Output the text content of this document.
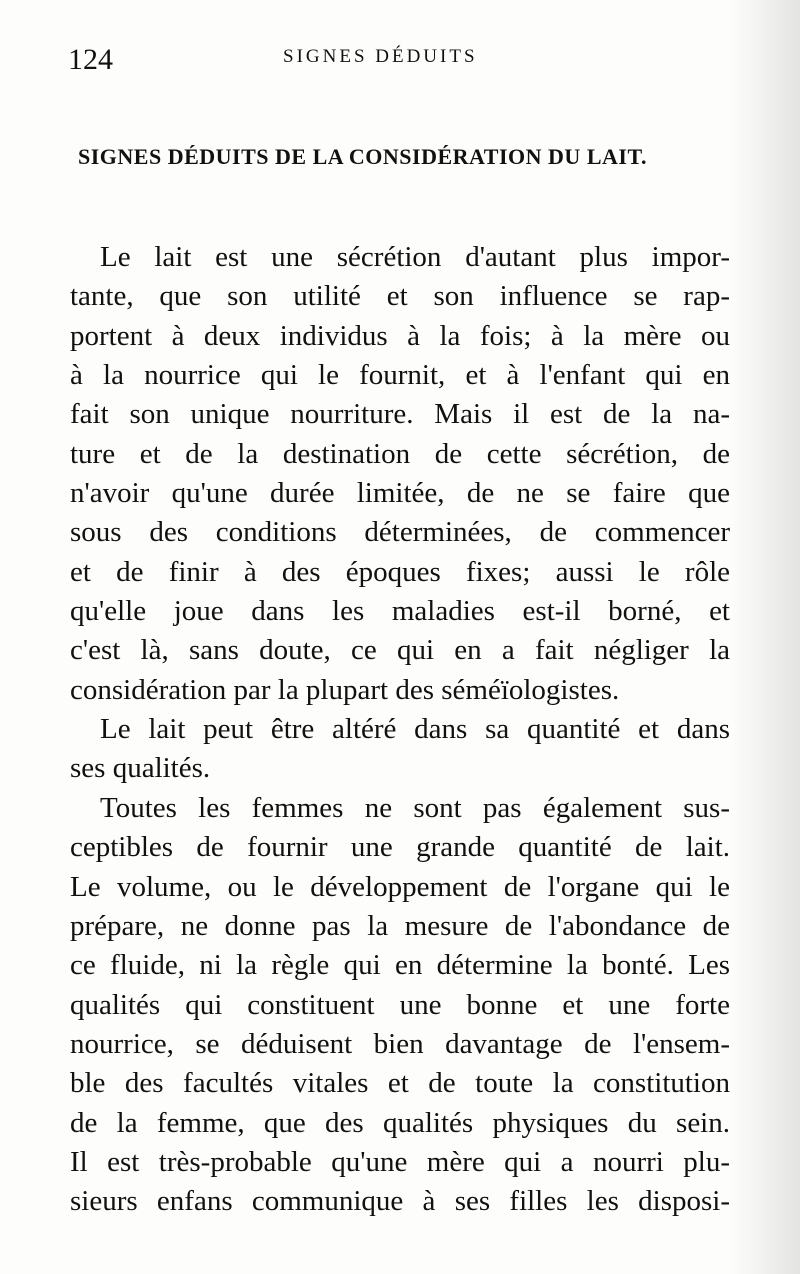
124	SIGNES DÉDUITS
SIGNES DÉDUITS DE LA CONSIDÉRATION DU LAIT.

Le lait est une sécrétion d'autant plus impor-
tante, que son utilité et son influence se rap-
portent à deux individus à la fois; à la mère ou
à la nourrice qui le fournit, et à l'enfant qui en
fait son unique nourriture. Mais il est de la na-
ture et de la destination de cette sécrétion, de
n'avoir qu'une durée limitée, de ne se faire que
sous des conditions déterminées, de commencer
et de finir à des époques fixes; aussi le rôle
qu'elle joue dans les maladies est-il borné, et
c'est là, sans doute, ce qui en a fait négliger la
considération par la plupart des séméïologistes.

Le lait peut être altéré dans sa quantité et dans
ses qualités.

Toutes les femmes ne sont pas également sus-
ceptibles de fournir une grande quantité de lait.
Le volume, ou le développement de l'organe qui le
prépare, ne donne pas la mesure de l'abondance de
ce fluide, ni la règle qui en détermine la bonté. Les
qualités qui constituent une bonne et une forte
nourrice, se déduisent bien davantage de l'ensem-
ble des facultés vitales et de toute la constitution
de la femme, que des qualités physiques du sein.
Il est très-probable qu'une mère qui a nourri plu-
sieurs enfans communique à ses filles les disposi-
